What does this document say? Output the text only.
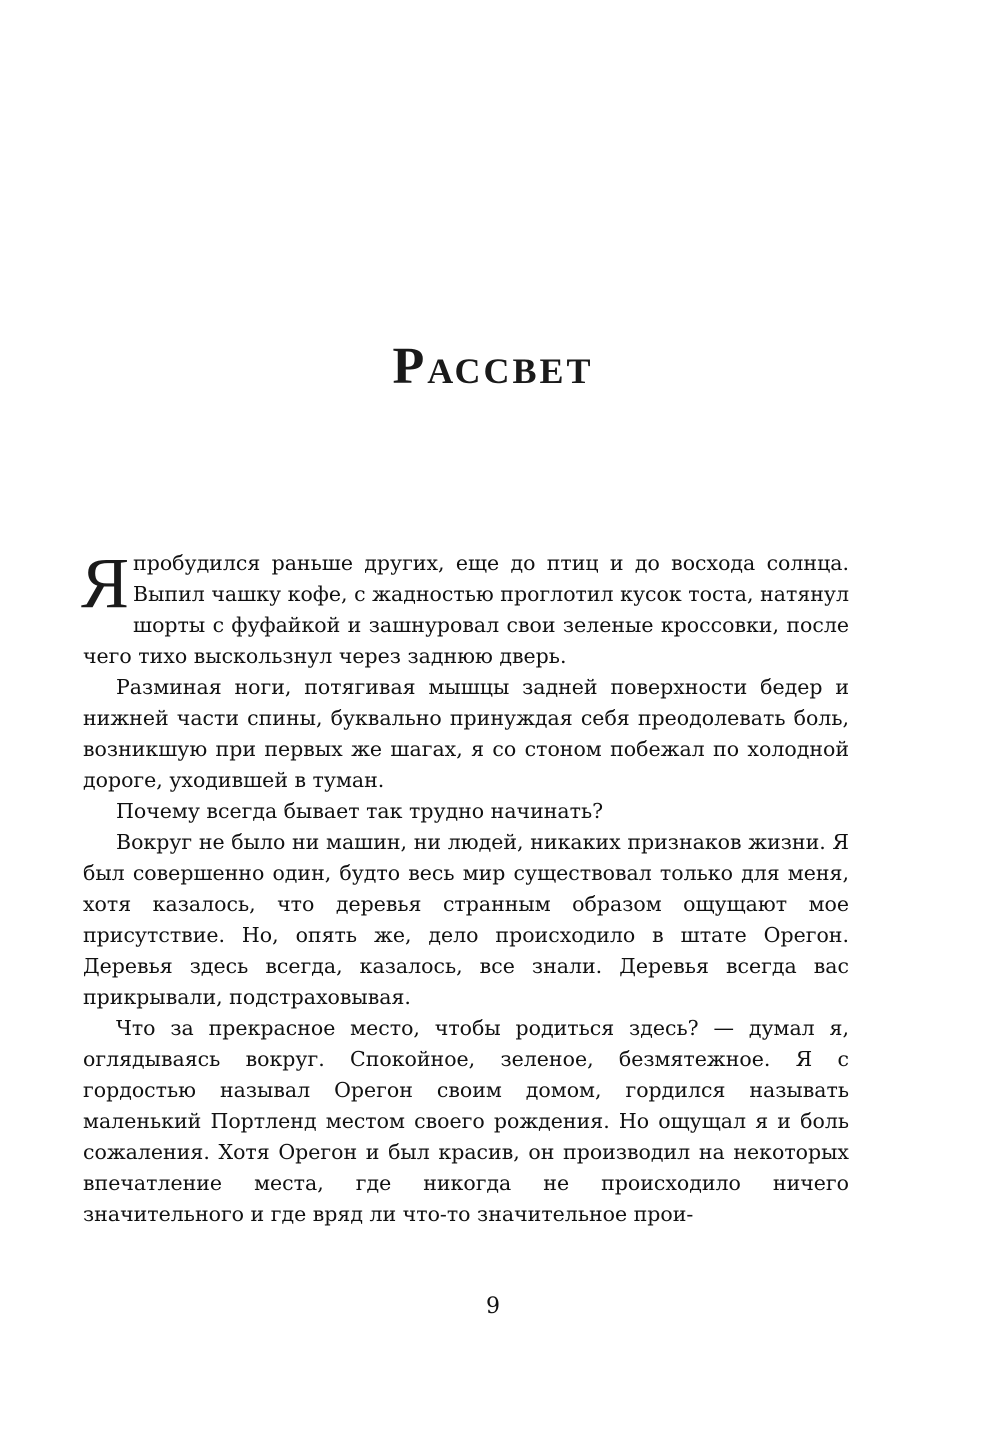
Рассвет

Япробудился раньше других, еще до птиц и до восхода солнца. Выпил чашку кофе, с жадностью проглотил кусок тоста, натянул шорты с фуфайкой и зашнуровал свои зеленые кроссовки, после чего тихо выскользнул через заднюю дверь.

Разминая ноги, потягивая мышцы задней поверхности бедер и нижней части спины, буквально принуждая себя преодолевать боль, возникшую при первых же шагах, я со стоном побежал по холодной дороге, уходившей в туман.

Почему всегда бывает так трудно начинать?

Вокруг не было ни машин, ни людей, никаких признаков жизни. Я был совершенно один, будто весь мир существовал только для меня, хотя казалось, что деревья странным образом ощущают мое присутствие. Но, опять же, дело происходило в штате Орегон. Деревья здесь всегда, казалось, все знали. Деревья всегда вас прикрывали, подстраховывая.

Что за прекрасное место, чтобы родиться здесь? — думал я, оглядываясь вокруг. Спокойное, зеленое, безмятежное. Я с гордостью называл Орегон своим домом, гордился называть маленький Портленд местом своего рождения. Но ощущал я и боль сожаления. Хотя Орегон и был красив, он производил на некоторых впечатление места, где никогда не происходило ничего значительного и где вряд ли что-то значительное прои-

9
